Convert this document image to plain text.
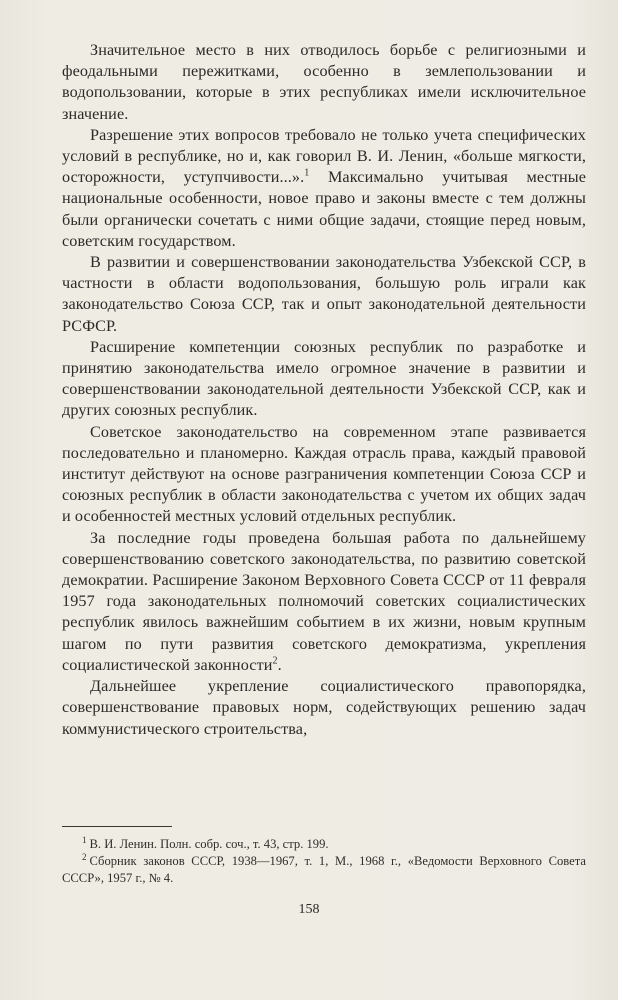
Значительное место в них отводилось борьбе с религиозными и феодальными пережитками, особенно в землепользовании и водопользовании, которые в этих республиках имели исключительное значение.

Разрешение этих вопросов требовало не только учета специфических условий в республике, но и, как говорил В. И. Ленин, «больше мягкости, осторожности, уступчивости...».$^1$ Максимально учитывая местные национальные особенности, новое право и законы вместе с тем должны были органически сочетать с ними общие задачи, стоящие перед новым, советским государством.

В развитии и совершенствовании законодательства Узбекской ССР, в частности в области водопользования, большую роль играли как законодательство Союза ССР, так и опыт законодательной деятельности РСФСР.

Расширение компетенции союзных республик по разработке и принятию законодательства имело огромное значение в развитии и совершенствовании законодательной деятельности Узбекской ССР, как и других союзных республик.

Советское законодательство на современном этапе развивается последовательно и планомерно. Каждая отрасль права, каждый правовой институт действуют на основе разграничения компетенции Союза ССР и союзных республик в области законодательства с учетом их общих задач и особенностей местных условий отдельных республик.

За последние годы проведена большая работа по дальнейшему совершенствованию советского законодательства, по развитию советской демократии. Расширение Законом Верховного Совета СССР от 11 февраля 1957 года законодательных полномочий советских социалистических республик явилось важнейшим событием в их жизни, новым крупным шагом по пути развития советского демократизма, укрепления социалистической законности$^2$.

Дальнейшее укрепление социалистического правопорядка, совершенствование правовых норм, содействующих решению задач коммунистического строительства,

$^1$ В. И. Ленин. Полн. собр. соч., т. 43, стр. 199.

$^2$ Сборник законов СССР, 1938—1967, т. 1, М., 1968 г., «Ведомости Верховного Совета СССР», 1957 г., № 4.

158
